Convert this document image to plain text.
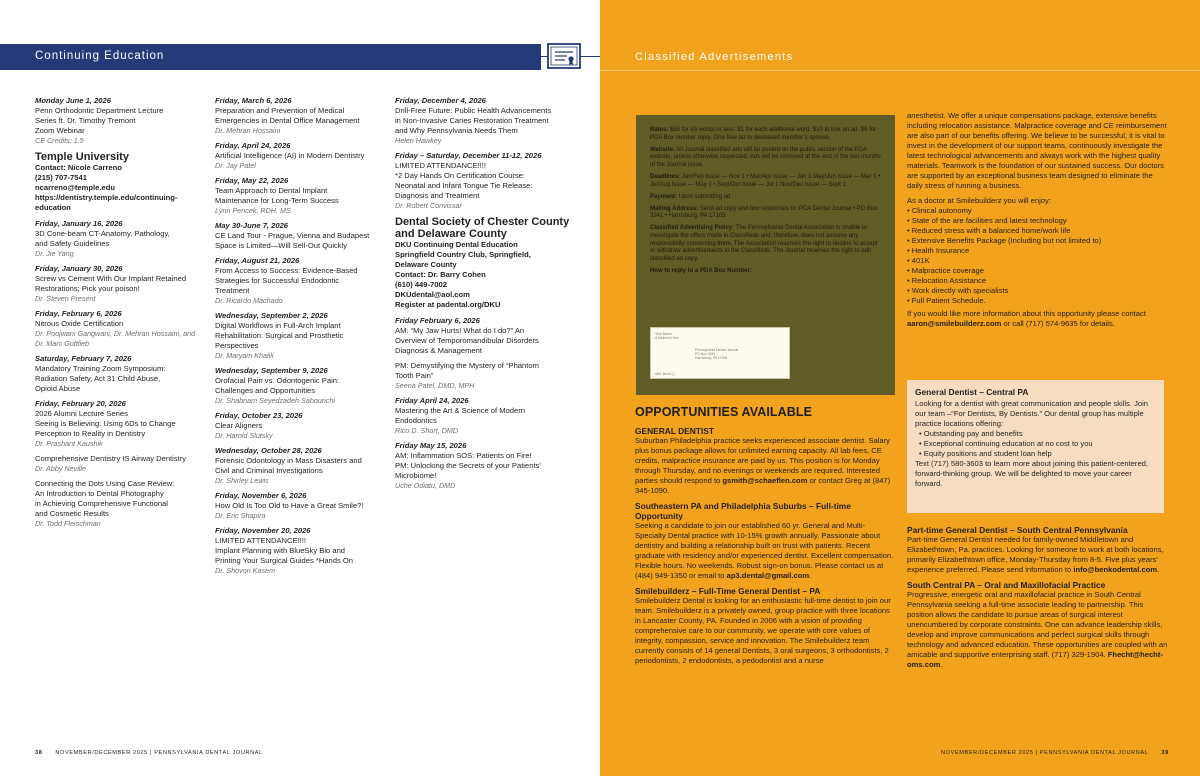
Continuing Education	Classified Advertisements

Monday June 1, 2026

Penn Orthodontic Department Lecture

Series ft. Dr. Timothy Tremont

Zoom Webinar

CE Credits: 1.5

Temple University

Contact: Nicole Carreno

(215) 707-7541

ncarreno@temple.edu

https://dentistry.temple.edu/continuing-

education

Friday, January 16, 2026

3D Cone-beam CT-Anatomy, Pathology,

and Safety Guidelines

Dr. Jie Yang

Friday, January 30, 2026

Screw vs Cement With Our Implant Retained

Restorations; Pick your poison!

Dr. Steven Present

Friday, February 6, 2026

Nitrous Oxide Certification

Dr. Poojwani Gangwani, Dr. Mehran Hossaini, and Dr. Marc Gottlieb

Saturday, February 7, 2026

Mandatory Training Zoom Symposium:

Radiation Safety, Act 31 Child Abuse,

Opioid Abuse

Friday, February 20, 2026

2026 Alumni Lecture Series

Seeing is Believing: Using 6Ds to Change

Perception to Reality in Dentistry

Dr. Prashant Kaushik

Comprehensive Dentistry IS Airway Dentistry

Dr. Abby Neville

Connecting the Dots Using Case Review:

An Introduction to Dental Photography

in Achieving Comprehensive Functional

and Cosmetic Results

Dr. Todd Fleischman

Friday, March 6, 2026

Preparation and Prevention of Medical

Emergencies in Dental Office Management

Dr. Mehran Hossaini

Friday, April 24, 2026

Artificial Intelligence (AI) in Modern Dentistry

Dr. Jay Patel

Friday, May 22, 2026

Team Approach to Dental Implant

Maintenance for Long-Term Success

Lynn Pencek, RDH, MS

May 30-June 7, 2026

CE Land Tour - Prague, Vienna and Budapest

Space is Limited—Will Sell-Out Quickly

Friday, August 21, 2026

From Access to Success: Evidence-Based

Strategies for Successful Endodontic

Treatment

Dr. Ricardo Machado

Wednesday, September 2, 2026

Digital Workflows in Full-Arch Implant

Rehabilitation: Surgical and Prosthetic

Perspectives

Dr. Maryam Khalili

Wednesday, September 9, 2026

Orofacial Pain vs. Odontogenic Pain:

Challenges and Opportunities

Dr. Shabnam Seyedzadeh Sabounchi

Friday, October 23, 2026

Clear Aligners

Dr. Harold Slutsky

Wednesday, October 28, 2026

Forensic Odontology in Mass Disasters and

Civil and Criminal Investigations

Dr. Shirley Lewis

Friday, November 6, 2026

How Old Is Too Old to Have a Great Smile?!

Dr. Eric Shapira

Friday, November 20, 2026

LIMITED ATTENDANCE!!!!

Implant Planning with BlueSky Bio and

Printing Your Surgical Guides *Hands On

Dr. Shovon Kasem

Friday, December 4, 2026

Drill-Free Future: Public Health Advancements

in Non-Invasive Caries Restoration Treatment

and Why Pennsylvania Needs Them

Helen Hawkey

Friday – Saturday, December 11-12, 2026

LIMITED ATTENDANCE!!!!

*2 Day Hands On Certification Course:

Neonatal and Infant Tongue Tie Release:

Diagnosis and Treatment

Dr. Robert Convissar

Dental Society of Chester County and Delaware County

DKU Continuing Dental Education

Springfield Country Club, Springfield,

Delaware County

Contact: Dr. Barry Cohen

(610) 449-7002

DKUdental@aol.com

Register at padental.org/DKU

Friday February 6, 2026

AM: “My Jaw Hurts! What do I do?” An

Overview of Temporomandibular Disorders

Diagnosis & Management

PM: Demystifying the Mystery of “Phantom

Tooth Pain”

Seena Patel, DMD, MPH

Friday April 24, 2026

Mastering the Art & Science of Modern

Endodontics

Rico D. Short, DMD

Friday May 15, 2026

AM: Inflammation SOS: Patients on Fire!

PM: Unlocking the Secrets of your Patients’

Microbiome!

Uche Odiatu, DMD

Rates: $50 for 45 words or less. $1 for each additional word. $10 to box an ad. $5 for PDA Box number reply. One free ad to deceased member’s spouse.

Website: All Journal classified ads will be posted on the public section of the PDA website, unless otherwise requested. Ads will be removed at the end of the two months of the Journal issue.

Deadlines: Jan/Feb Issue — Nov 1 • Mar/Apr Issue — Jan 1 May/Jun Issue — Mar 1 • Jul/Aug Issue — May 1 • Sept/Oct Issue — Jul 1 Nov/Dec Issue — Sept 1

Payment: Upon submitting ad.

Mailing Address: Send ad copy and box responses to: PDA Dental Journal • PO Box 3341 • Harrisburg, PA 17105

Classified Advertising Policy: The Pennsylvania Dental Association is unable to investigate the offers made in Classifieds and, therefore, does not assume any responsibility concerning them. The Association reserves the right to decline to accept or withdraw advertisements in the Classifieds. The Journal reserves the right to edit classified ad copy.

How to reply to a PDA Box Number:

Your Name
& Address Here
Pennsylvania Dental Journal
PO Box 3341
Harrisburg, PA 17105
Attn: Box# [ ]
OPPORTUNITIES AVAILABLE
GENERAL DENTIST

Suburban Philadelphia practice seeks experienced associate dentist. Salary plus bonus package allows for unlimited earning capacity. All lab fees, CE credits, malpractice insurance are paid by us. This position is for Monday through Thursday, and no evenings or weekends are required. Interested parties should respond to gsmith@schaeflen.com or contact Greg at (847) 345-1090.

Southeastern PA and Philadelphia Suburbs – Full-time Opportunity

Seeking a candidate to join our established 60 yr. General and Multi-Specialty Dental practice with 10-15% growth annually. Passionate about dentistry and building a relationship built on trust with patients. Recent graduate with residency and/or experienced dentist. Excellent compensation. Flexible hours. No weekends. Robust sign-on bonus. Please contact us at (484) 949-1350 or email to ap3.dental@gmail.com.

Smilebuilderz – Full-Time General Dentist – PA

Smilebuilderz Dental is looking for an enthusiastic full-time dentist to join our team. Smilebuilderz is a privately owned, group practice with three locations in Lancaster County, PA. Founded in 2006 with a vision of providing comprehensive care to our community, we operate with core values of integrity, compassion, service and innovation. The Smilebuilderz team currently consists of 14 general Dentists, 3 oral surgeons, 3 orthodontists, 2 periodontists, 2 endodontists, a pedodontist and a nurse

anesthetist. We offer a unique compensations package, extensive benefits including relocation assistance. Malpractice coverage and CE reimbursement are also part of our benefits offering. We believe to be successful; it is vital to invest in the development of our support teams, continuously investigate the latest technological advancements and always work with the highest quality materials. Teamwork is the foundation of our sustained success. Our doctors are supported by an exceptional business team designed to eliminate the daily stress of running a business.

As a doctor at Smilebuilderz you will enjoy:

• Clinical autonomy
• State of the are facilities and latest technology
• Reduced stress with a balanced home/work life
• Extensive Benefits Package (Including but not limited to)
• Health Insurance
• 401K
• Malpractice coverage
• Relocation Assistance
• Work directly with specialists
• Full Patient Schedule.

If you would like more information about this opportunity please contact aaron@smilebuilderz.com or call (717) 574-9635 for details.

General Dentist – Central PA

Looking for a dentist with great communication and people skills. Join our team –“For Dentists, By Dentists.” Our dental group has multiple practice locations offering:

• Outstanding pay and benefits
• Exceptional continuing education at no cost to you
• Equity positions and student loan help

Text (717) 580-3603 to learn more about joining this patient-centered, forward-thinking group. We will be delighted to move your career forward.

Part-time General Dentist – South Central Pennsylvania

Part-time General Dentist needed for family-owned Middletown and Elizabethtown, Pa. practices. Looking for someone to work at both locations, primarily Elizabethtown office, Monday-Thursday from 8-5. Five plus years’ experience preferred. Please send information to info@benkodental.com.

South Central PA – Oral and Maxillofacial Practice

Progressive, energetic oral and maxillofacial practice in South Central Pennsylvania seeking a full-time associate leading to partnership. This position allows the candidate to pursue areas of surgical interest unencumbered by corporate constraints. One can advance leadership skills, develop and improve communications and perfect surgical skills through technology and advanced education. These opportunities are coupled with an amicable and supportive enterprising staff. (717) 329-1904. Fhecht@hecht-oms.com.

38 NOVEMBER/DECEMBER 2025 | PENNSYLVANIA DENTAL JOURNAL	NOVEMBER/DECEMBER 2025 | PENNSYLVANIA DENTAL JOURNAL 39
